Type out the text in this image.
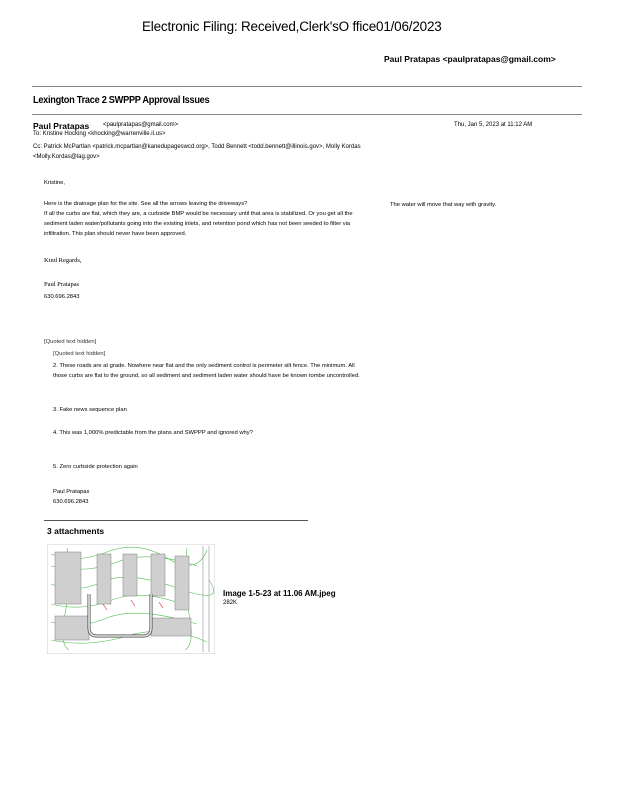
Electronic Filing: Received,Clerk'sO ffice01/06/2023
Paul Pratapas <paulpratapas@gmail.com>
Lexington Trace 2 SWPPP Approval Issues
Paul Pratapas <paulpratapas@gmail.com>	Thu, Jan 5, 2023 at 11:12 AM
To: Kristine Hocking <khocking@warrenville.il.us>
Cc: Patrick McPartlan <patrick.mcpartlan@kanedupageswcd.org>, Todd Bennett <todd.bennett@illinois.gov>, Molly Kordas
<Molly.Kordas@lag.gov>
Kristine,
Here is the drainage plan for the site. See all the arrows leaving the driveways?
If all the curbs are flat, which they are, a curbside BMP would be necessary until that area is stabilized. Or you get all the
sediment laden water/pollutants going into the existing inlets, and retention pond which has not been seeded to filter via
infiltration. This plan should never have been approved.
The water will move that way with gravity.
Kind Regards,
Paul Pratapas
630.696.2843
[Quoted text hidden]
[Quoted text hidden]
2. These roads are at grade. Nowhere near flat and the only sediment control is perimeter silt fence. The minimum. All
those curbs are flat to the ground, so all sediment and sediment laden water should have be known tombe uncontrolled.
3. Fake news sequence plan
4. This was 1,000% predictable from the plans and SWPPP and ignored why?
5. Zero curbside protection again
Paul Pratapas
630.696.2843
3 attachments
Image 1-5-23 at 11.06 AM.jpeg
282K
